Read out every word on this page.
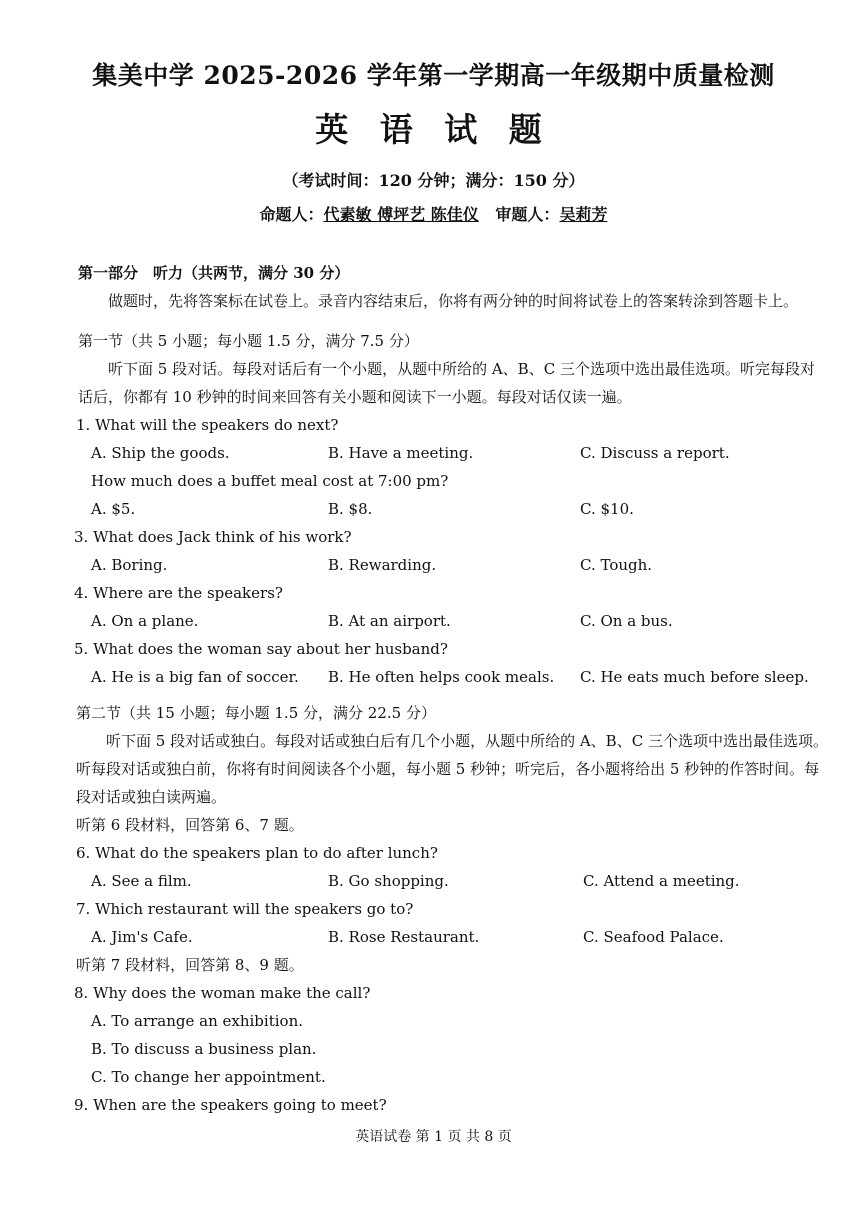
集美中学 2025-2026 学年第一学期高一年级期中质量检测
英 语 试 题
（考试时间：120 分钟；满分：150 分）
命题人：代素敏 傅坪艺 陈佳仪 审题人：吴莉芳
第一部分　听力（共两节，满分 30 分）
做题时，先将答案标在试卷上。录音内容结束后，你将有两分钟的时间将试卷上的答案转涂到答题卡上。
第一节（共 5 小题；每小题 1.5 分，满分 7.5 分）
听下面 5 段对话。每段对话后有一个小题，从题中所给的 A、B、C 三个选项中选出最佳选项。听完每段对
话后，你都有 10 秒钟的时间来回答有关小题和阅读下一小题。每段对话仅读一遍。
1. What will the speakers do next?
A. Ship the goods.	B. Have a meeting.	C. Discuss a report.
How much does a buffet meal cost at 7:00 pm?
A. $5.	B. $8.	C. $10.
3. What does Jack think of his work?
A. Boring.	B. Rewarding.	C. Tough.
4. Where are the speakers?
A. On a plane.	B. At an airport.	C. On a bus.
5. What does the woman say about her husband?
A. He is a big fan of soccer. B. He often helps cook meals. C. He eats much before sleep.
第二节（共 15 小题；每小题 1.5 分，满分 22.5 分）
听下面 5 段对话或独白。每段对话或独白后有几个小题，从题中所给的 A、B、C 三个选项中选出最佳选项。
听每段对话或独白前，你将有时间阅读各个小题，每小题 5 秒钟；听完后，各小题将给出 5 秒钟的作答时间。每
段对话或独白读两遍。
听第 6 段材料，回答第 6、7 题。
6. What do the speakers plan to do after lunch?
A. See a film.	B. Go shopping.	C. Attend a meeting.
7. Which restaurant will the speakers go to?
A. Jim's Cafe.	B. Rose Restaurant.	C. Seafood Palace.
听第 7 段材料，回答第 8、9 题。
8. Why does the woman make the call?
A. To arrange an exhibition.
B. To discuss a business plan.
C. To change her appointment.
9. When are the speakers going to meet?
英语试卷 第 1 页 共 8 页
